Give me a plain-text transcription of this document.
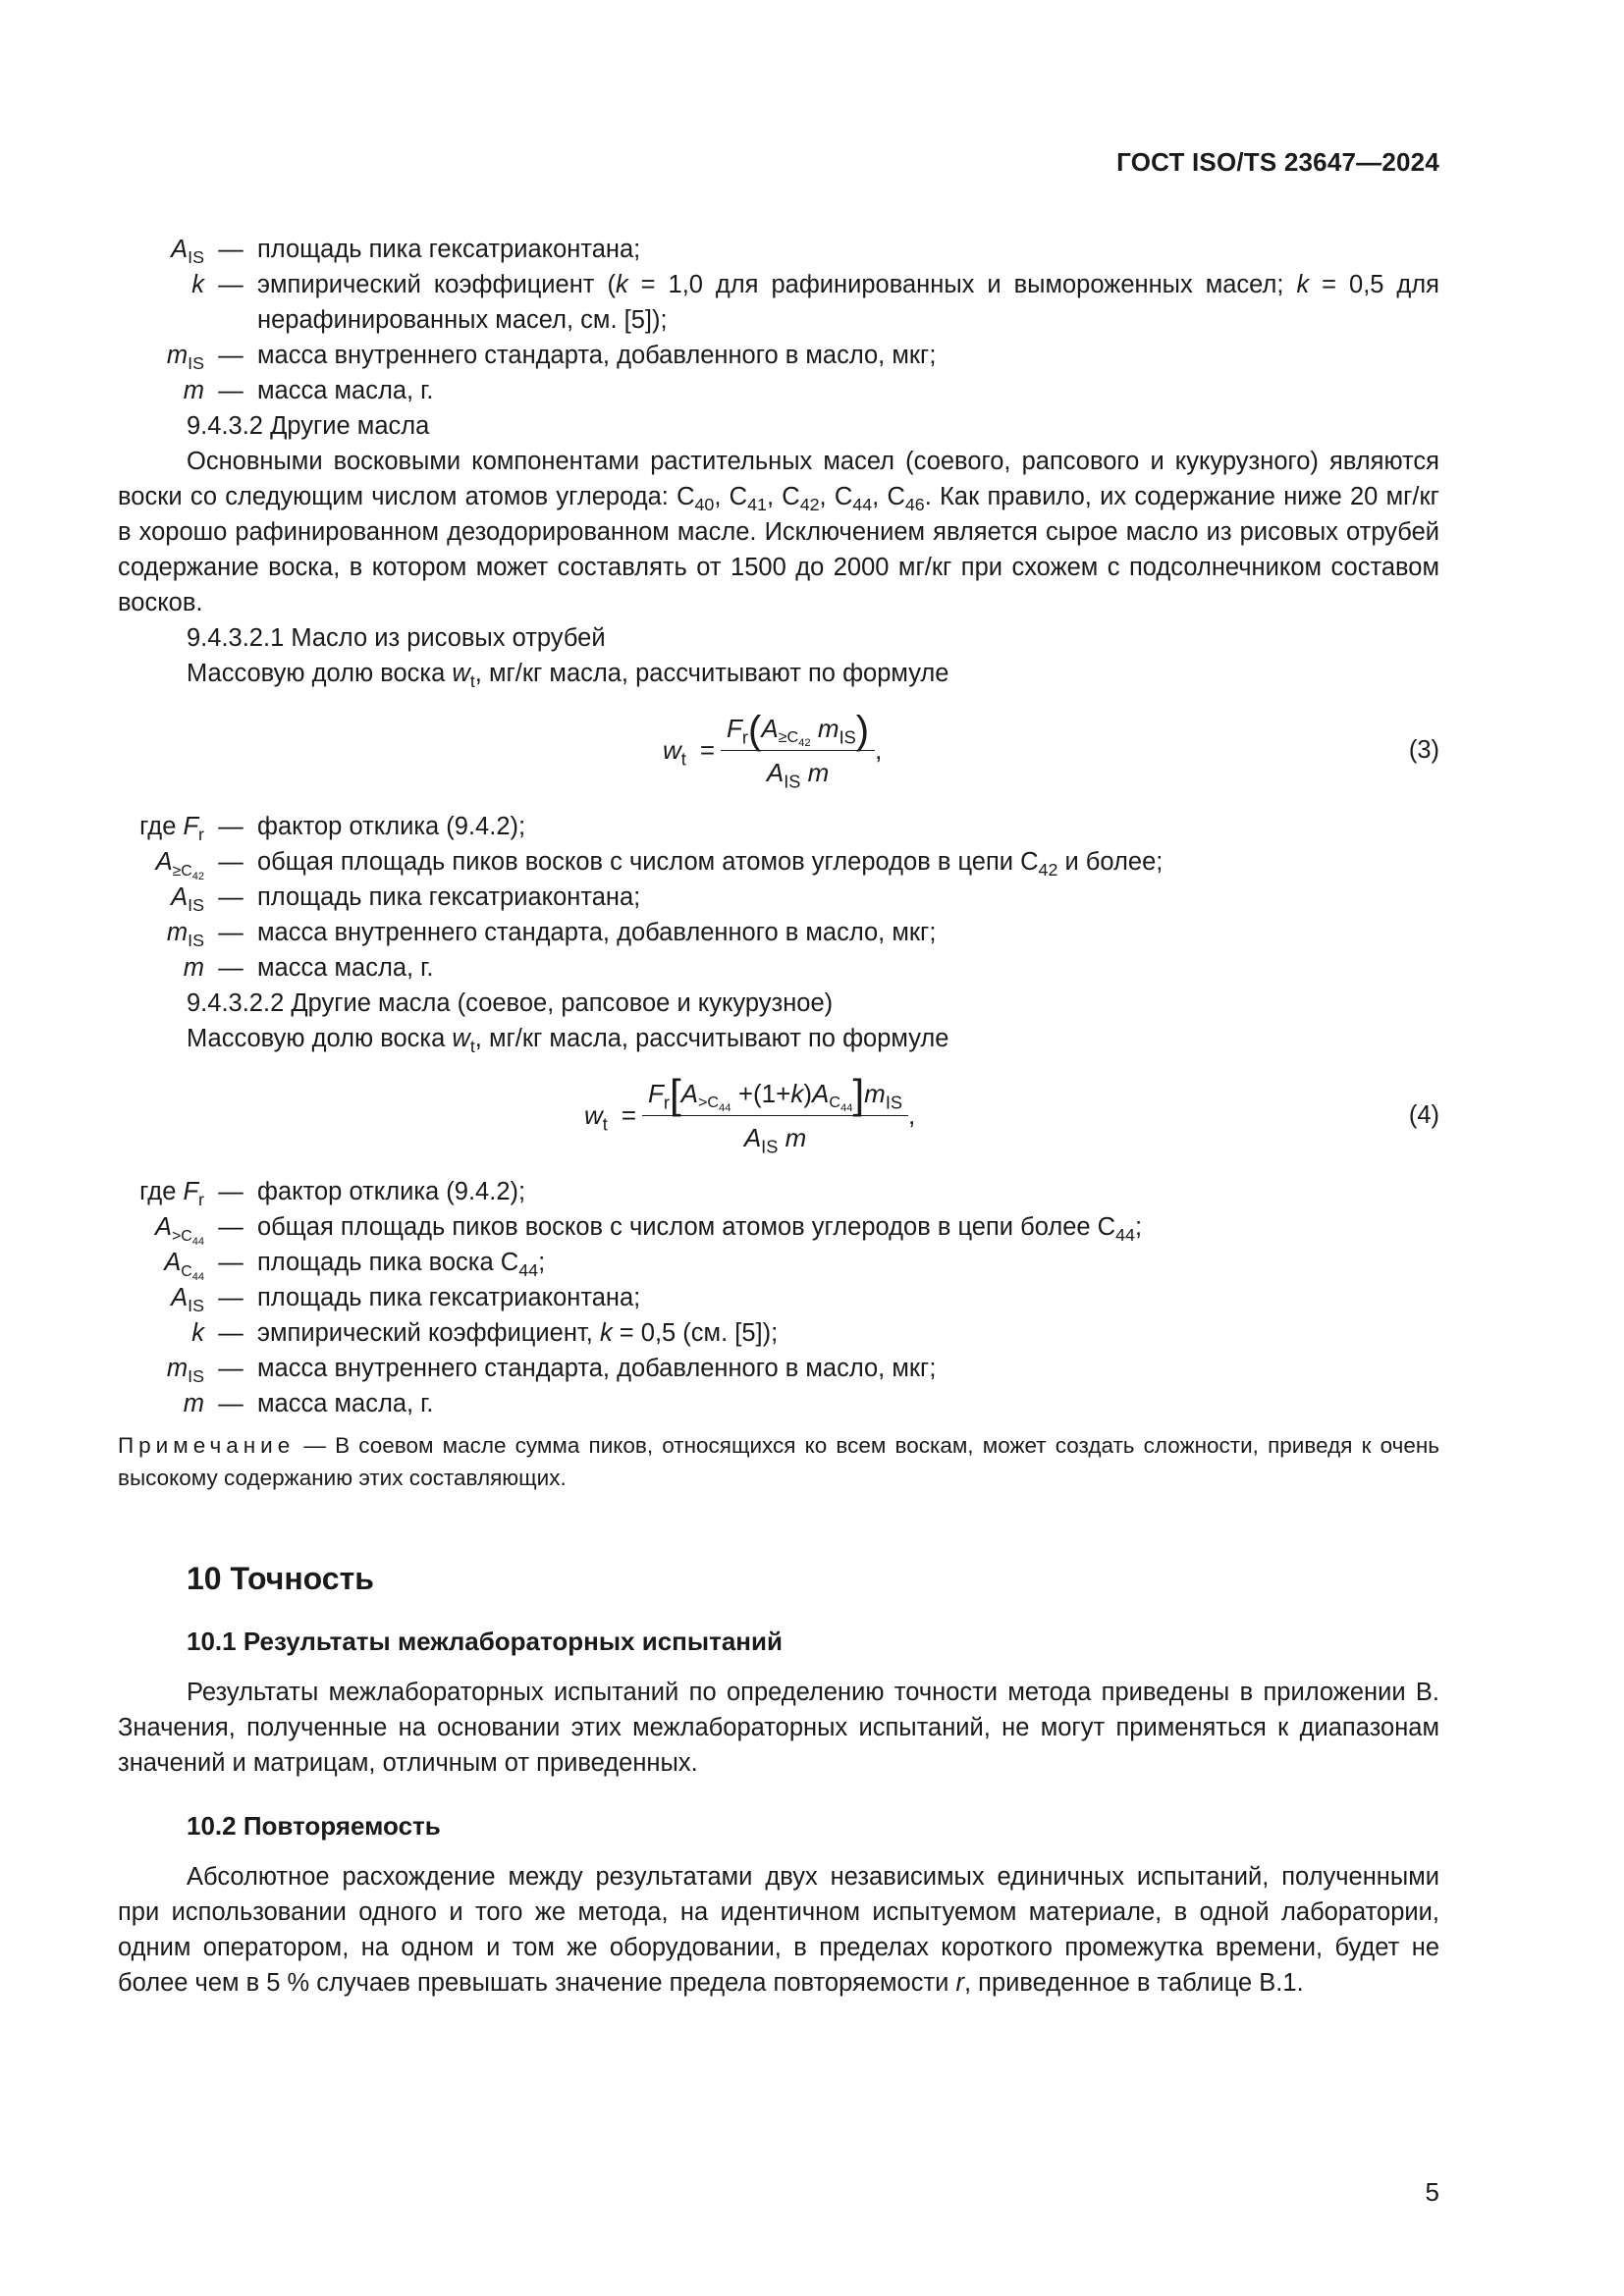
ГОСТ ISO/TS 23647—2024
$A_{IS}$ — площадь пика гексатриаконтана;
k — эмпирический коэффициент (k = 1,0 для рафинированных и вымороженных масел; k = 0,5 для нерафинированных масел, см. [5]);
$m_{IS}$ — масса внутреннего стандарта, добавленного в масло, мкг;
m — масса масла, г.

9.4.3.2 Другие масла

Основными восковыми компонентами растительных масел (соевого, рапсового и кукурузного) являются воски со следующим числом атомов углерода: $С_{40}$, $С_{41}$, $С_{42}$, $С_{44}$, $С_{46}$. Как правило, их содержание ниже 20 мг/кг в хорошо рафинированном дезодорированном масле. Исключением является сырое масло из рисовых отрубей содержание воска, в котором может составлять от 1500 до 2000 мг/кг при схожем с подсолнечником составом восков.

9.4.3.2.1 Масло из рисовых отрубей

Массовую долю воска $w_t$, мг/кг масла, рассчитывают по формуле

$w_t = \frac{F_r(A_{\ge C_{42}} m_{IS})}{A_{IS} m}$ ,	(3)
где $F_r$ — фактор отклика (9.4.2);
$A_{\ge С_{42}}$
— общая площадь пиков восков с числом атомов углеродов в цепи $С_{42}$ и более;
$A_{IS}$ — площадь пика гексатриаконтана;
$m_{IS}$ — масса внутреннего стандарта, добавленного в масло, мкг;
m — масса масла, г.

9.4.3.2.2 Другие масла (соевое, рапсовое и кукурузное)

Массовую долю воска $w_t$, мг/кг масла, рассчитывают по формуле

$w_t = \frac{F_r[A_{>С_{44}} +(1+k)A_{С_{44}}]m_{IS}}{A_{IS} m}$ ,	(4)
где $F_r$ — фактор отклика (9.4.2);
$A_{>С_{44}}$
— общая площадь пиков восков с числом атомов углеродов в цепи более $С_{44}$;
$A_{С_{44}}$
— площадь пика воска $С_{44}$;
$A_{IS}$ — площадь пика гексатриаконтана;
k — эмпирический коэффициент, k = 0,5 (см. [5]);
$m_{IS}$ — масса внутреннего стандарта, добавленного в масло, мкг;
m — масса масла, г.

Примечание — В соевом масле сумма пиков, относящихся ко всем воскам, может создать сложности, приведя к очень высокому содержанию этих составляющих.

10 Точность
10.1 Результаты межлабораторных испытаний

Результаты межлабораторных испытаний по определению точности метода приведены в приложении В. Значения, полученные на основании этих межлабораторных испытаний, не могут применяться к диапазонам значений и матрицам, отличным от приведенных.

10.2 Повторяемость

Абсолютное расхождение между результатами двух независимых единичных испытаний, полученными при использовании одного и того же метода, на идентичном испытуемом материале, в одной лаборатории, одним оператором, на одном и том же оборудовании, в пределах короткого промежутка времени, будет не более чем в 5 % случаев превышать значение предела повторяемости r, приведенное в таблице В.1.

5
